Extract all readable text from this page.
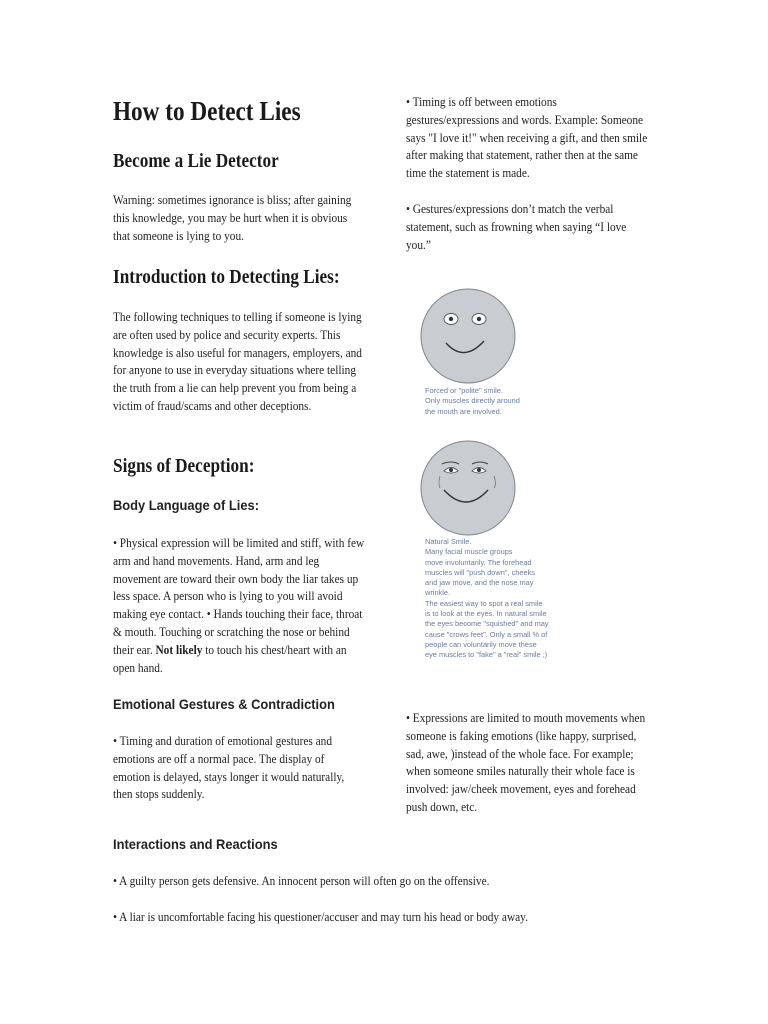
How to Detect Lies
Become a Lie Detector
Warning: sometimes ignorance is bliss; after gaining this knowledge, you may be hurt when it is obvious that someone is lying to you.
Introduction to Detecting Lies:
The following techniques to telling if someone is lying are often used by police and security experts. This knowledge is also useful for managers, employers, and for anyone to use in everyday situations where telling the truth from a lie can help prevent you from being a victim of fraud/scams and other deceptions.
Signs of Deception:
Body Language of Lies:
• Physical expression will be limited and stiff, with few arm and hand movements. Hand, arm and leg movement are toward their own body the liar takes up less space. A person who is lying to you will avoid making eye contact. • Hands touching their face, throat & mouth. Touching or scratching the nose or behind their ear. Not likely to touch his chest/heart with an open hand.
Emotional Gestures & Contradiction
• Timing and duration of emotional gestures and emotions are off a normal pace. The display of emotion is delayed, stays longer it would naturally, then stops suddenly.
Interactions and Reactions
• A guilty person gets defensive. An innocent person will often go on the offensive.
• A liar is uncomfortable facing his questioner/accuser and may turn his head or body away.
• Timing is off between emotions gestures/expressions and words. Example: Someone says "I love it!" when receiving a gift, and then smile after making that statement, rather then at the same time the statement is made.
• Gestures/expressions don’t match the verbal statement, such as frowning when saying “I love you.”
Forced or "polite" smile.
Only muscles directly around
the mouth are involved.
Natural Smile.
Many facial muscle groups
move involuntarily. The forehead
muscles will "push down", cheeks
and jaw move, and the nose may
wrinkle.
The easiest way to spot a real smile
is to look at the eyes. In natural smile
the eyes become "squished" and may
cause "crows feet". Only a small % of
people can voluntarily move these
eye muscles to "fake" a "real" smile ;)
• Expressions are limited to mouth movements when someone is faking emotions (like happy, surprised, sad, awe, )instead of the whole face. For example; when someone smiles naturally their whole face is involved: jaw/cheek movement, eyes and forehead push down, etc.
